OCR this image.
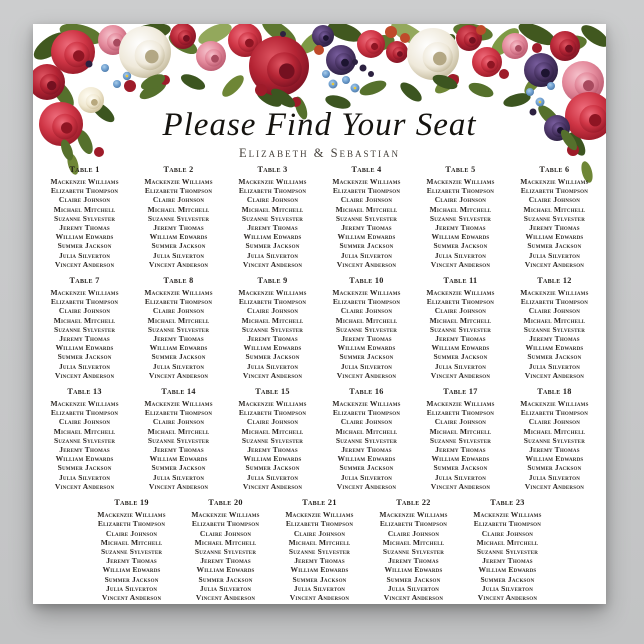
Please Find Your Seat
Elizabeth & Sebastian
Table 1
Mackenzie Williams
Elizabeth Thompson
Claire Johnson
Michael Mitchell
Suzanne Sylvester
Jeremy Thomas
William Edwards
Summer Jackson
Julia Silverton
Vincent Anderson
Table 2
Mackenzie Williams
Elizabeth Thompson
Claire Johnson
Michael Mitchell
Suzanne Sylvester
Jeremy Thomas
William Edwards
Summer Jackson
Julia Silverton
Vincent Anderson
Table 3
Mackenzie Williams
Elizabeth Thompson
Claire Johnson
Michael Mitchell
Suzanne Sylvester
Jeremy Thomas
William Edwards
Summer Jackson
Julia Silverton
Vincent Anderson
Table 4
Mackenzie Williams
Elizabeth Thompson
Claire Johnson
Michael Mitchell
Suzanne Sylvester
Jeremy Thomas
William Edwards
Summer Jackson
Julia Silverton
Vincent Anderson
Table 5
Mackenzie Williams
Elizabeth Thompson
Claire Johnson
Michael Mitchell
Suzanne Sylvester
Jeremy Thomas
William Edwards
Summer Jackson
Julia Silverton
Vincent Anderson
Table 6
Mackenzie Williams
Elizabeth Thompson
Claire Johnson
Michael Mitchell
Suzanne Sylvester
Jeremy Thomas
William Edwards
Summer Jackson
Julia Silverton
Vincent Anderson
Table 7
Mackenzie Williams
Elizabeth Thompson
Claire Johnson
Michael Mitchell
Suzanne Sylvester
Jeremy Thomas
William Edwards
Summer Jackson
Julia Silverton
Vincent Anderson
Table 8
Mackenzie Williams
Elizabeth Thompson
Claire Johnson
Michael Mitchell
Suzanne Sylvester
Jeremy Thomas
William Edwards
Summer Jackson
Julia Silverton
Vincent Anderson
Table 9
Mackenzie Williams
Elizabeth Thompson
Claire Johnson
Michael Mitchell
Suzanne Sylvester
Jeremy Thomas
William Edwards
Summer Jackson
Julia Silverton
Vincent Anderson
Table 10
Mackenzie Williams
Elizabeth Thompson
Claire Johnson
Michael Mitchell
Suzanne Sylvester
Jeremy Thomas
William Edwards
Summer Jackson
Julia Silverton
Vincent Anderson
Table 11
Mackenzie Williams
Elizabeth Thompson
Claire Johnson
Michael Mitchell
Suzanne Sylvester
Jeremy Thomas
William Edwards
Summer Jackson
Julia Silverton
Vincent Anderson
Table 12
Mackenzie Williams
Elizabeth Thompson
Claire Johnson
Michael Mitchell
Suzanne Sylvester
Jeremy Thomas
William Edwards
Summer Jackson
Julia Silverton
Vincent Anderson
Table 13
Mackenzie Williams
Elizabeth Thompson
Claire Johnson
Michael Mitchell
Suzanne Sylvester
Jeremy Thomas
William Edwards
Summer Jackson
Julia Silverton
Vincent Anderson
Table 14
Mackenzie Williams
Elizabeth Thompson
Claire Johnson
Michael Mitchell
Suzanne Sylvester
Jeremy Thomas
William Edwards
Summer Jackson
Julia Silverton
Vincent Anderson
Table 15
Mackenzie Williams
Elizabeth Thompson
Claire Johnson
Michael Mitchell
Suzanne Sylvester
Jeremy Thomas
William Edwards
Summer Jackson
Julia Silverton
Vincent Anderson
Table 16
Mackenzie Williams
Elizabeth Thompson
Claire Johnson
Michael Mitchell
Suzanne Sylvester
Jeremy Thomas
William Edwards
Summer Jackson
Julia Silverton
Vincent Anderson
Table 17
Mackenzie Williams
Elizabeth Thompson
Claire Johnson
Michael Mitchell
Suzanne Sylvester
Jeremy Thomas
William Edwards
Summer Jackson
Julia Silverton
Vincent Anderson
Table 18
Mackenzie Williams
Elizabeth Thompson
Claire Johnson
Michael Mitchell
Suzanne Sylvester
Jeremy Thomas
William Edwards
Summer Jackson
Julia Silverton
Vincent Anderson
Table 19
Mackenzie Williams
Elizabeth Thompson
Claire Johnson
Michael Mitchell
Suzanne Sylvester
Jeremy Thomas
William Edwards
Summer Jackson
Julia Silverton
Vincent Anderson
Table 20
Mackenzie Williams
Elizabeth Thompson
Claire Johnson
Michael Mitchell
Suzanne Sylvester
Jeremy Thomas
William Edwards
Summer Jackson
Julia Silverton
Vincent Anderson
Table 21
Mackenzie Williams
Elizabeth Thompson
Claire Johnson
Michael Mitchell
Suzanne Sylvester
Jeremy Thomas
William Edwards
Summer Jackson
Julia Silverton
Vincent Anderson
Table 22
Mackenzie Williams
Elizabeth Thompson
Claire Johnson
Michael Mitchell
Suzanne Sylvester
Jeremy Thomas
William Edwards
Summer Jackson
Julia Silverton
Vincent Anderson
Table 23
Mackenzie Williams
Elizabeth Thompson
Claire Johnson
Michael Mitchell
Suzanne Sylvester
Jeremy Thomas
William Edwards
Summer Jackson
Julia Silverton
Vincent Anderson
